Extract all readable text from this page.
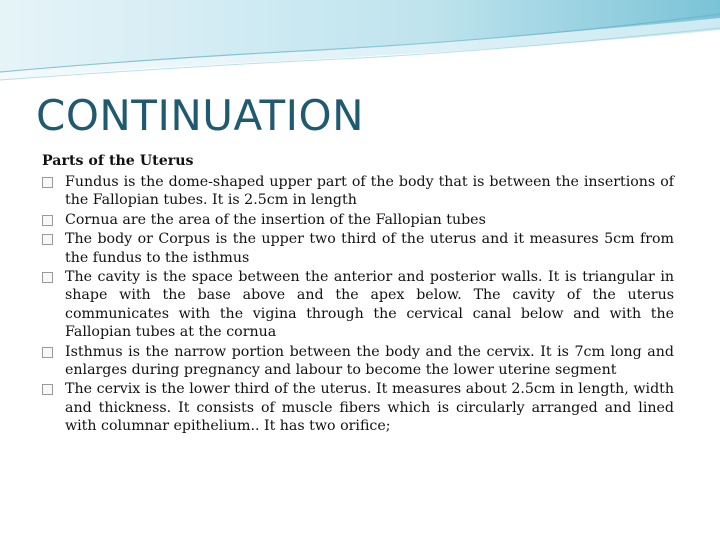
CONTINUATION

Parts of the Uterus

Fundus is the dome-shaped upper part of the body that is between the insertions of the Fallopian tubes. It is 2.5cm in length

Cornua are the area of the insertion of the Fallopian tubes

The body or Corpus is the upper two third of the uterus and it measures 5cm from the fundus to the isthmus

The cavity is the space between the anterior and posterior walls. It is triangular in shape with the base above and the apex below. The cavity of the uterus communicates with the vigina through the cervical canal below and with the Fallopian tubes at the cornua

Isthmus is the narrow portion between the body and the cervix. It is 7cm long and enlarges during pregnancy and labour to become the lower uterine segment

The cervix is the lower third of the uterus. It measures about 2.5cm in length, width and thickness. It consists of muscle fibers which is circularly arranged and lined with columnar epithelium.. It has two orifice;
